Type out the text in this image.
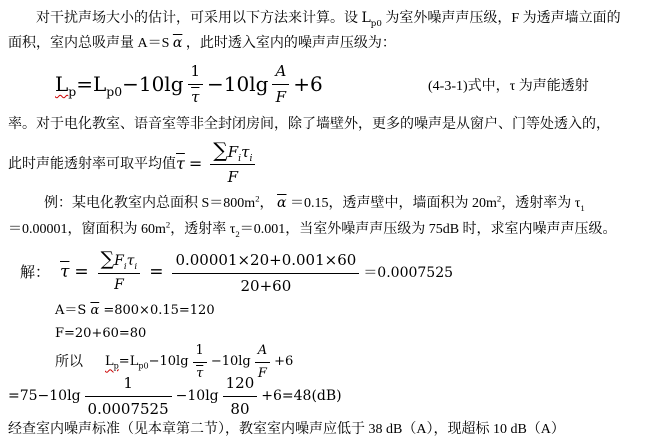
对干扰声场大小的估计，可采用以下方法来计算。设 $L_{p0}$ 为室外噪声声压级，F 为透声墙立面的
面积，室内总吸声量 A＝S $\overline{\alpha}$ ，此时透入室内的噪声声压级为：
$L_p = L_{p0} -10\lg \frac{1}{\tau} -10\lg \frac{A}{F} +6$	(4-3-1)式中，τ 为声能透射
率。对于电化教室、语音室等非全封闭房间，除了墙壁外，更多的噪声是从窗户、门等处透入的，
此时声能透射率可取平均值 $\overline{\tau} = \frac{\sum F_i\tau_i}{F}$
例：某电化教室内总面积 $S=800m^2$， $\overline{\alpha} =0.15$，透声壁中，墙面积为 $20m^2$，透射率为 $\tau_1$
＝0.00001，窗面积为 $60m^2$，透射率 $\tau_2=0.001$，当室外噪声声压级为 75dB 时，求室内噪声声压级。
解： $\overline{\tau} = \frac{\sum F_i\tau_i}{F} = \frac{0.00001\times 20+0.001\times 60}{20+60} =0.0007525$
A＝S $\overline{\alpha} =800\times 0.15=120$
F=20+60=80
所以 $L_p = L_{p0} -10\lg \frac{1}{\tau} -10\lg \frac{A}{F} +6$
$=75-10\lg \frac{1}{0.0007525} -10\lg \frac{120}{80} +6=48(dB)$
经查室内噪声标准（见本章第二节），教室室内噪声应低于 38 dB（A），现超标 10 dB（A）
